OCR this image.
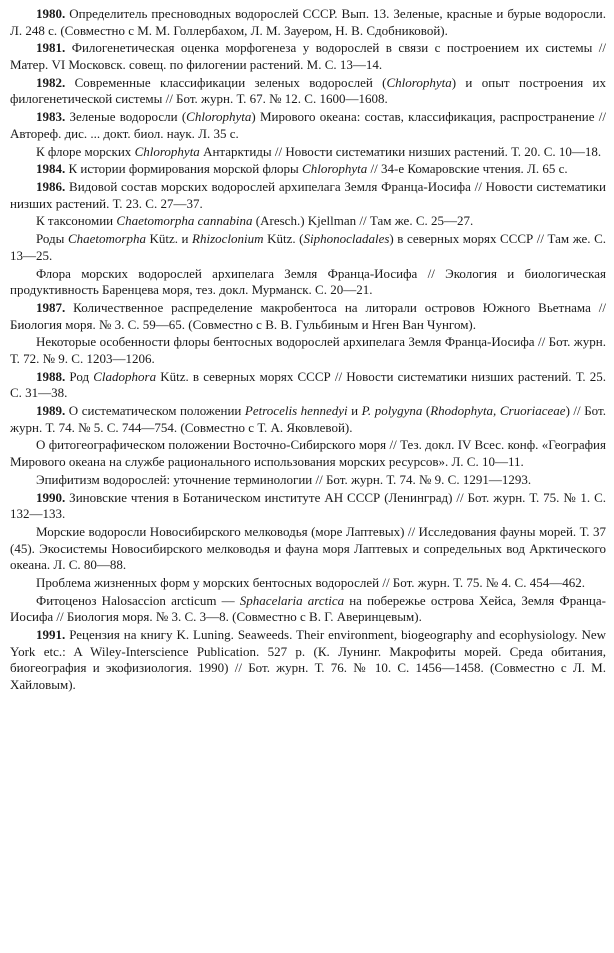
1980. Определитель пресноводных водорослей СССР. Вып. 13. Зеленые, красные и бурые водоросли. Л. 248 с. (Совместно с М. М. Голлербахом, Л. М. Зауером, Н. В. Сдобниковой).

1981. Филогенетическая оценка морфогенеза у водорослей в связи с построением их системы // Матер. VI Московск. совещ. по филогении растений. М. С. 13—14.

1982. Современные классификации зеленых водорослей (Chlorophyta) и опыт построения их филогенетической системы // Бот. журн. Т. 67. № 12. С. 1600—1608.

1983. Зеленые водоросли (Chlorophyta) Мирового океана: состав, классификация, распространение // Автореф. дис. ... докт. биол. наук. Л. 35 с.

К флоре морских Chlorophyta Антарктиды // Новости систематики низших растений. Т. 20. С. 10—18.

1984. К истории формирования морской флоры Chlorophyta // 34-е Комаровские чтения. Л. 65 с.

1986. Видовой состав морских водорослей архипелага Земля Франца-Иосифа // Новости систематики низших растений. Т. 23. С. 27—37.

К таксономии Chaetomorpha cannabina (Aresch.) Kjellman // Там же. С. 25—27.

Роды Chaetomorpha Kütz. и Rhizoclonium Kütz. (Siphonocladales) в северных морях СССР // Там же. С. 13—25.

Флора морских водорослей архипелага Земля Франца-Иосифа // Экология и биологическая продуктивность Баренцева моря, тез. докл. Мурманск. С. 20—21.

1987. Количественное распределение макробентоса на литорали островов Южного Вьетнама // Биология моря. № 3. С. 59—65. (Совместно с В. В. Гульбиным и Нген Ван Чунгом).

Некоторые особенности флоры бентосных водорослей архипелага Земля Франца-Иосифа // Бот. журн. Т. 72. № 9. С. 1203—1206.

1988. Род Cladophora Kütz. в северных морях СССР // Новости систематики низших растений. Т. 25. С. 31—38.

1989. О систематическом положении Petrocelis hennedyi и P. polygyna (Rhodophyta, Cruoriaceae) // Бот. журн. Т. 74. № 5. С. 744—754. (Совместно с Т. А. Яковлевой).

О фитогеографическом положении Восточно-Сибирского моря // Тез. докл. IV Всес. конф. «География Мирового океана на службе рационального использования морских ресурсов». Л. С. 10—11.

Эпифитизм водорослей: уточнение терминологии // Бот. журн. Т. 74. № 9. С. 1291—1293.

1990. Зиновские чтения в Ботаническом институте АН СССР (Ленинград) // Бот. журн. Т. 75. № 1. С. 132—133.

Морские водоросли Новосибирского мелководья (море Лаптевых) // Исследования фауны морей. Т. 37 (45). Экосистемы Новосибирского мелководья и фауна моря Лаптевых и сопредельных вод Арктического океана. Л. С. 80—88.

Проблема жизненных форм у морских бентосных водорослей // Бот. журн. Т. 75. № 4. С. 454—462.

Фитоценоз Halosaccion arcticum — Sphacelaria arctica на побережье острова Хейса, Земля Франца-Иосифа // Биология моря. № 3. С. 3—8. (Совместно с В. Г. Аверинцевым).

1991. Рецензия на книгу K. Luning. Seaweeds. Their environment, biogeography and ecophysiology. New York etc.: A Wiley-Interscience Publication. 527 p. (К. Лунинг. Макрофиты морей. Среда обитания, биогеография и экофизиология. 1990) // Бот. журн. Т. 76. № 10. С. 1456—1458. (Совместно с Л. М. Хайловым).
